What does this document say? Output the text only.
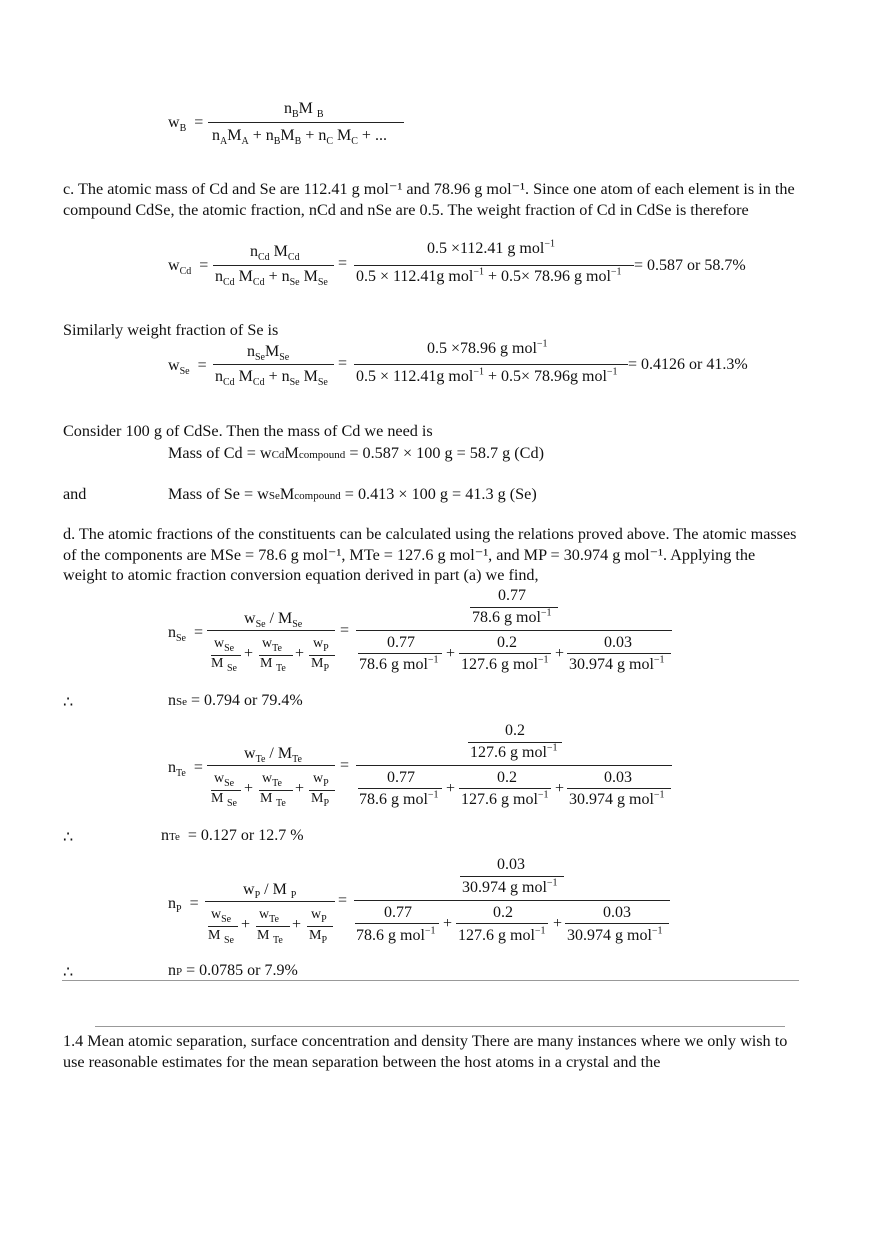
$w_B$  =
$n_BM$ $_B$
$n_AM_A + n_BM_B + n_C$ $M_C$ + ...
c. The atomic mass of Cd and Se are 112.41 g mol⁻¹ and 78.96 g mol⁻¹. Since one atom of each element is in the compound CdSe, the atomic fraction, nCd and nSe are 0.5. The weight fraction of Cd in CdSe is therefore
$w_{Cd}$  =
$n_{Cd}$ $M_{Cd}$
$n_{Cd}$ $M_{Cd} + n_{Se}$ $M_{Se}$
=
0.5 ×112.41 g mol$^{-1}$
0.5 × 112.41g mol$^{-1}$ + 0.5× 78.96 g mol$^{-1}$ = 0.587 or 58.7%
Similarly weight fraction of Se is
$w_{Se}$  =
$n_{Se}M_{Se}$
$n_{Cd}$ $M_{Cd} + n_{Se}$ $M_{Se}$
=
0.5 ×78.96 g mol$^{-1}$
0.5 × 112.41g mol$^{-1}$ + 0.5× 78.96g mol$^{-1}$ = 0.4126 or 41.3%
Consider 100 g of CdSe. Then the mass of Cd we need is
Mass of Cd = wCdMcompound = 0.587 × 100 g = 58.7 g (Cd)
and	Mass of Se = wSeMcompound = 0.413 × 100 g = 41.3 g (Se)
d. The atomic fractions of the constituents can be calculated using the relations proved above. The atomic masses of the components are MSe = 78.6 g mol⁻¹, MTe = 127.6 g mol⁻¹, and MP = 30.974 g mol⁻¹. Applying the weight to atomic fraction conversion equation derived in part (a) we find,
$n_{Se}$  =
$w_{Se} / M_{Se}$
$w_{Se}$
M $_{Se}$
+
$w_{Te}$
M $_{Te}$
+
$w_P$
$M_P$
=
0.77
78.6 g mol$^{-1}$
0.77
78.6 g mol$^{-1}$ +
0.2
127.6 g mol$^{-1}$ +
0.03
30.974 g mol$^{-1}$
∴	nSe = 0.794 or 79.4%
$n_{Te}$  =
$w_{Te} / M_{Te}$
$w_{Se}$
M $_{Se}$
+
$w_{Te}$
M $_{Te}$
+
$w_P$
$M_P$
=
0.2
127.6 g mol$^{-1}$
0.77
78.6 g mol$^{-1}$ +
0.2
127.6 g mol$^{-1}$ +
0.03
30.974 g mol$^{-1}$
∴	nTe  = 0.127 or 12.7 %
$n_P$  =
$w_P$ / M $_P$
$w_{Se}$
M $_{Se}$
+
$w_{Te}$
M $_{Te}$
+
$w_P$
$M_P$
=
0.03
30.974 g mol$^{-1}$
0.77
78.6 g mol$^{-1}$ +
0.2
127.6 g mol$^{-1}$ +
0.03
30.974 g mol$^{-1}$
∴	nP = 0.0785 or 7.9%
1.4 Mean atomic separation, surface concentration and density There are many instances where we only wish to use reasonable estimates for the mean separation between the host atoms in a crystal and the
